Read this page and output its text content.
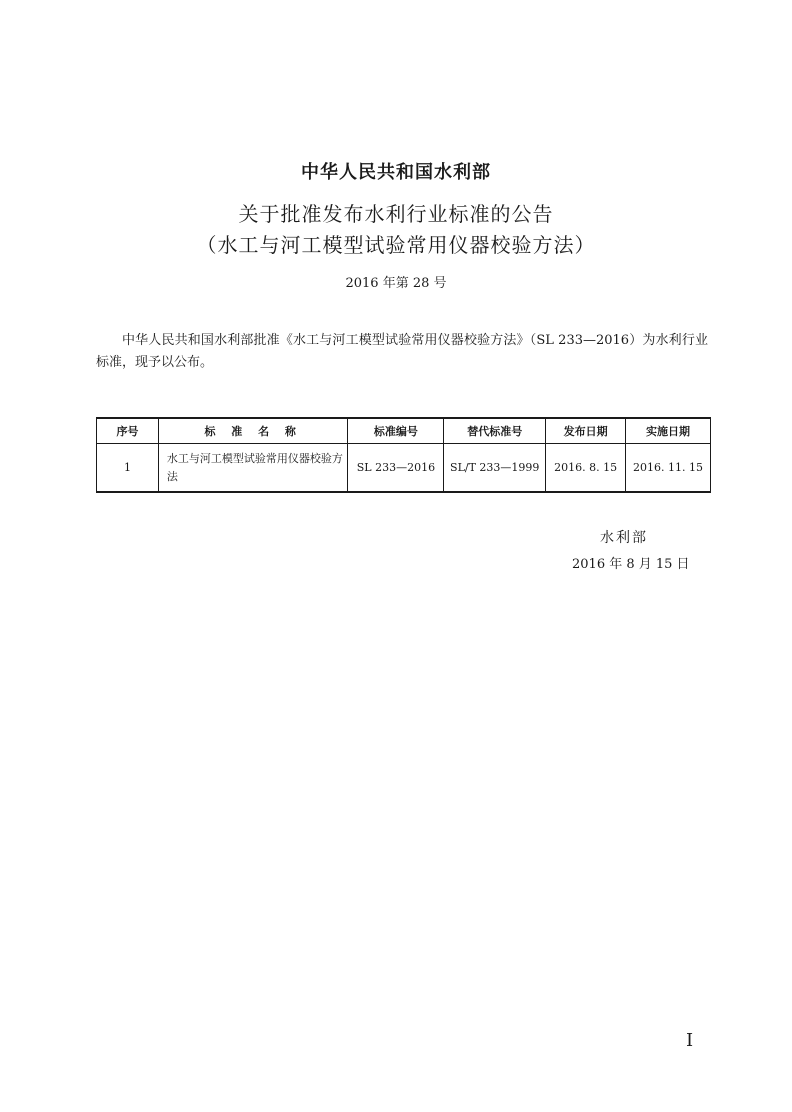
中华人民共和国水利部
关于批准发布水利行业标准的公告
（水工与河工模型试验常用仪器校验方法）
2016 年第 28 号

中华人民共和国水利部批准《水工与河工模型试验常用仪器校验方法》（SL 233—2016）为水利行业标准，现予以公布。

序号	标 准 名 称	标准编号	替代标准号	发布日期	实施日期
1	水工与河工模型试验常用仪器校验方法	SL 233—2016	SL/T 233—1999	2016. 8. 15	2016. 11. 15
水利部
2016 年 8 月 15 日
I
